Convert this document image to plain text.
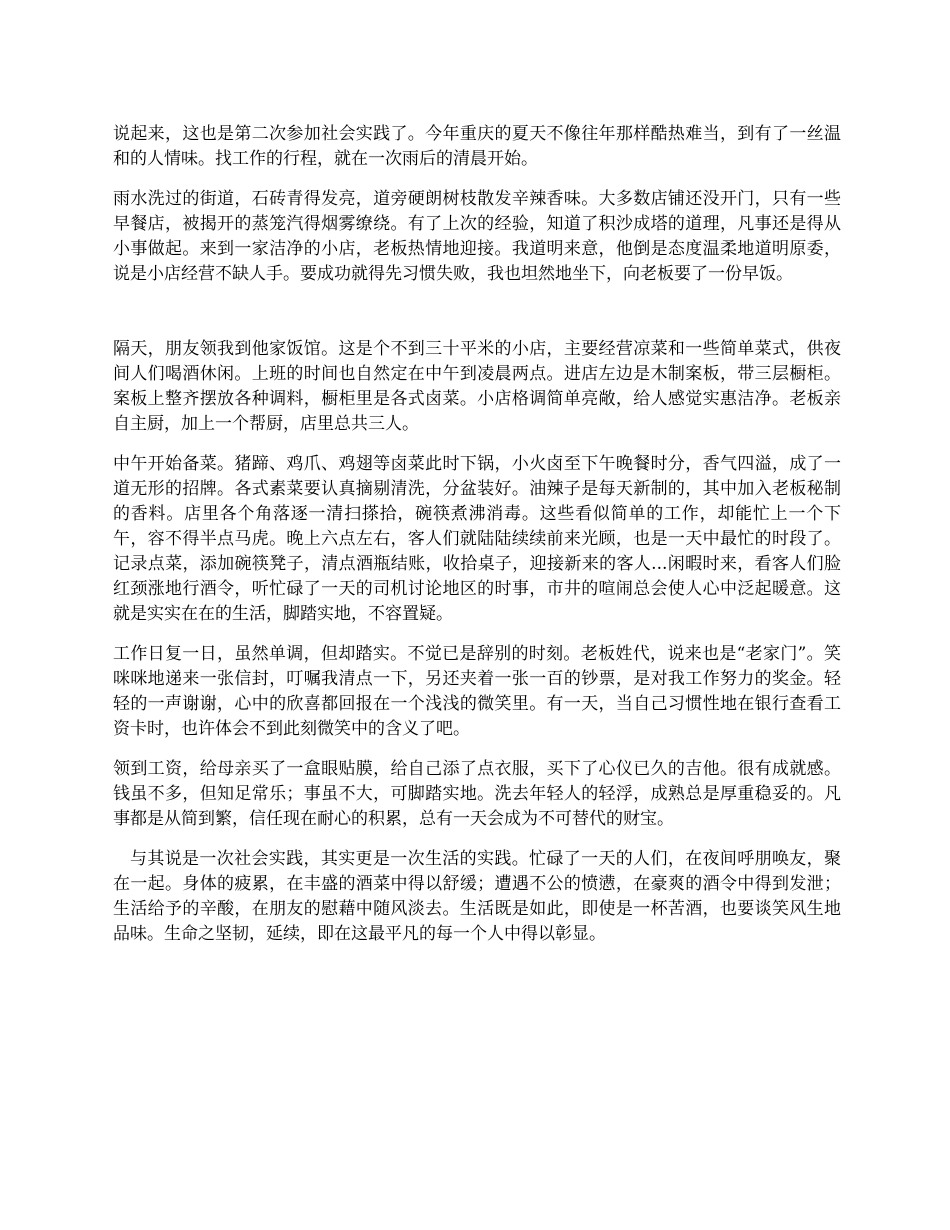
说起来，这也是第二次参加社会实践了。今年重庆的夏天不像往年那样酷热难当，到有了一丝温和的人情味。找工作的行程，就在一次雨后的清晨开始。

雨水洗过的街道，石砖青得发亮，道旁硬朗树枝散发辛辣香味。大多数店铺还没开门，只有一些早餐店，被揭开的蒸笼汽得烟雾缭绕。有了上次的经验，知道了积沙成塔的道理，凡事还是得从小事做起。来到一家洁净的小店，老板热情地迎接。我道明来意，他倒是态度温柔地道明原委，说是小店经营不缺人手。要成功就得先习惯失败，我也坦然地坐下，向老板要了一份早饭。

隔天，朋友领我到他家饭馆。这是个不到三十平米的小店，主要经营凉菜和一些简单菜式，供夜间人们喝酒休闲。上班的时间也自然定在中午到凌晨两点。进店左边是木制案板，带三层橱柜。案板上整齐摆放各种调料，橱柜里是各式卤菜。小店格调简单亮敞，给人感觉实惠洁净。老板亲自主厨，加上一个帮厨，店里总共三人。

中午开始备菜。猪蹄、鸡爪、鸡翅等卤菜此时下锅，小火卤至下午晚餐时分，香气四溢，成了一道无形的招牌。各式素菜要认真摘剔清洗，分盆装好。油辣子是每天新制的，其中加入老板秘制的香料。店里各个角落逐一清扫搽拾，碗筷煮沸消毒。这些看似简单的工作，却能忙上一个下午，容不得半点马虎。晚上六点左右，客人们就陆陆续续前来光顾，也是一天中最忙的时段了。记录点菜，添加碗筷凳子，清点酒瓶结账，收拾桌子，迎接新来的客人...闲暇时来，看客人们脸红颈涨地行酒令，听忙碌了一天的司机讨论地区的时事，市井的喧闹总会使人心中泛起暖意。这就是实实在在的生活，脚踏实地，不容置疑。

工作日复一日，虽然单调，但却踏实。不觉已是辞别的时刻。老板姓代，说来也是“老家门”。笑咪咪地递来一张信封，叮嘱我清点一下，另还夹着一张一百的钞票，是对我工作努力的奖金。轻轻的一声谢谢，心中的欣喜都回报在一个浅浅的微笑里。有一天，当自己习惯性地在银行查看工资卡时，也许体会不到此刻微笑中的含义了吧。

领到工资，给母亲买了一盒眼贴膜，给自己添了点衣服，买下了心仪已久的吉他。很有成就感。钱虽不多，但知足常乐；事虽不大，可脚踏实地。洗去年轻人的轻浮，成熟总是厚重稳妥的。凡事都是从简到繁，信任现在耐心的积累，总有一天会成为不可替代的财宝。

与其说是一次社会实践，其实更是一次生活的实践。忙碌了一天的人们，在夜间呼朋唤友，聚在一起。身体的疲累，在丰盛的酒菜中得以舒缓；遭遇不公的愤懑，在豪爽的酒令中得到发泄；生活给予的辛酸，在朋友的慰藉中随风淡去。生活既是如此，即使是一杯苦酒，也要谈笑风生地品味。生命之坚韧，延续，即在这最平凡的每一个人中得以彰显。
